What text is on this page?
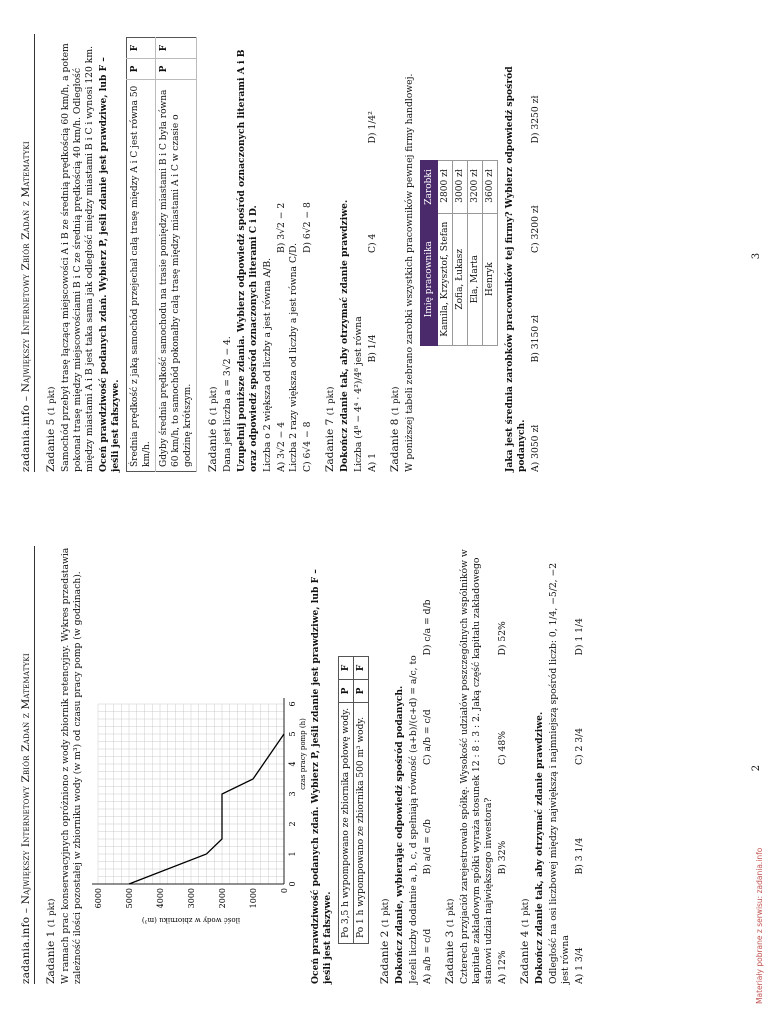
zadania.info – Największy Internetowy Zbiór Zadań z Matematyki
Zadanie 1 (1 pkt) W ramach prac konserwacyjnych opróżniono z wody zbiornik retencyjny. Wykres przedstawia zależność ilości pozostałej w zbiorniku wody (w m³) od czasu pracy pomp (w godzinach).	0
1
2
3
4
5
6
0
1000
2000
3000
4000
5000
6000
czas pracy pomp (h)
ilość wody w zbiorniku (m³)	Oceń prawdziwość podanych zdań. Wybierz P, jeśli zdanie jest prawdziwe, lub F – jeśli jest fałszywe. Po 3,5 h wypompowano ze zbiornika połowę wody.	P	F
Po 1 h wypompowano ze zbiornika 500 m³ wody.	P	F
Zadanie 2 (1 pkt) Dokończ zdanie, wybierając odpowiedź spośród podanych. Jeżeli liczby dodatnie a, b, c, d spełniają równość (a+b)/(c+d) = a/c, to A) a/b = c/d
B) a/d = c/b
C) a/b = c/d
D) c/a = d/b
Zadanie 3 (1 pkt) Czterech przyjaciół zarejestrowało spółkę. Wysokość udziałów poszczególnych wspólników w kapitale zakładowym spółki wyraża stosunek 12 : 8 : 3 : 2. Jaką część kapitału zakładowego stanowi udział największego inwestora? A) 12%
B) 32%
C) 48%
D) 52%
Zadanie 4 (1 pkt) Dokończ zdanie tak, aby otrzymać zdanie prawdziwe. Odległość na osi liczbowej między największą i najmniejszą spośród liczb: 0, 1/4, −5/2, −2 jest równa A) 1 3/4
B) 3 1/4
C) 2 3/4
D) 1 1/4
2
Materiały pobrane z serwisu: zadania.info
zadania.info – Największy Internetowy Zbiór Zadań z Matematyki
Zadanie 5 (1 pkt) Samochód przebył trasę łączącą miejscowości A i B ze średnią prędkością 60 km/h, a potem pokonał trasę między miejscowościami B i C ze średnią prędkością 40 km/h. Odległość między miastami A i B jest taka sama jak odległość między miastami B i C i wynosi 120 km. Oceń prawdziwość podanych zdań. Wybierz P, jeśli zdanie jest prawdziwe, lub F – jeśli jest fałszywe. Średnia prędkość z jaką samochód przejechał całą trasę między A i C jest równa 50 km/h.	P	F
Gdyby średnia prędkość samochodu na trasie pomiędzy miastami B i C była równa 60 km/h, to samochód pokonałby całą trasę między miastami A i C w czasie o godzinę krótszym.	P	F
Zadanie 6 (1 pkt) Dana jest liczba a = 3√2 − 4. Uzupełnij poniższe zdania. Wybierz odpowiedź spośród oznaczonych literami A i B oraz odpowiedź spośród oznaczonych literami C i D. Liczba o 2 większa od liczby a jest równa A/B. A) 3√2 − 4
B) 3√2 − 2

Liczba 2 razy większa od liczby a jest równa C/D. C) 6√4 − 8
D) 6√2 − 8
Zadanie 7 (1 pkt) Dokończ zdanie tak, aby otrzymać zdanie prawdziwe. Liczba (4⁸ − 4⁴ · 4²)/4⁸ jest równa A) 1
B) 1/4
C) 4
D) 1/4²
Zadanie 8 (1 pkt) W poniższej tabeli zebrano zarobki wszystkich pracowników pewnej firmy handlowej. Imię pracownika	Zarobki
Kamila, Krzysztof, Stefan	2800 zł
Zofia, Łukasz	3000 zł
Ela, Marta	3200 zł
Henryk	3600 zł Jaka jest średnia zarobków pracowników tej firmy? Wybierz odpowiedź spośród podanych. A) 3050 zł
B) 3150 zł
C) 3200 zł
D) 3250 zł
3
